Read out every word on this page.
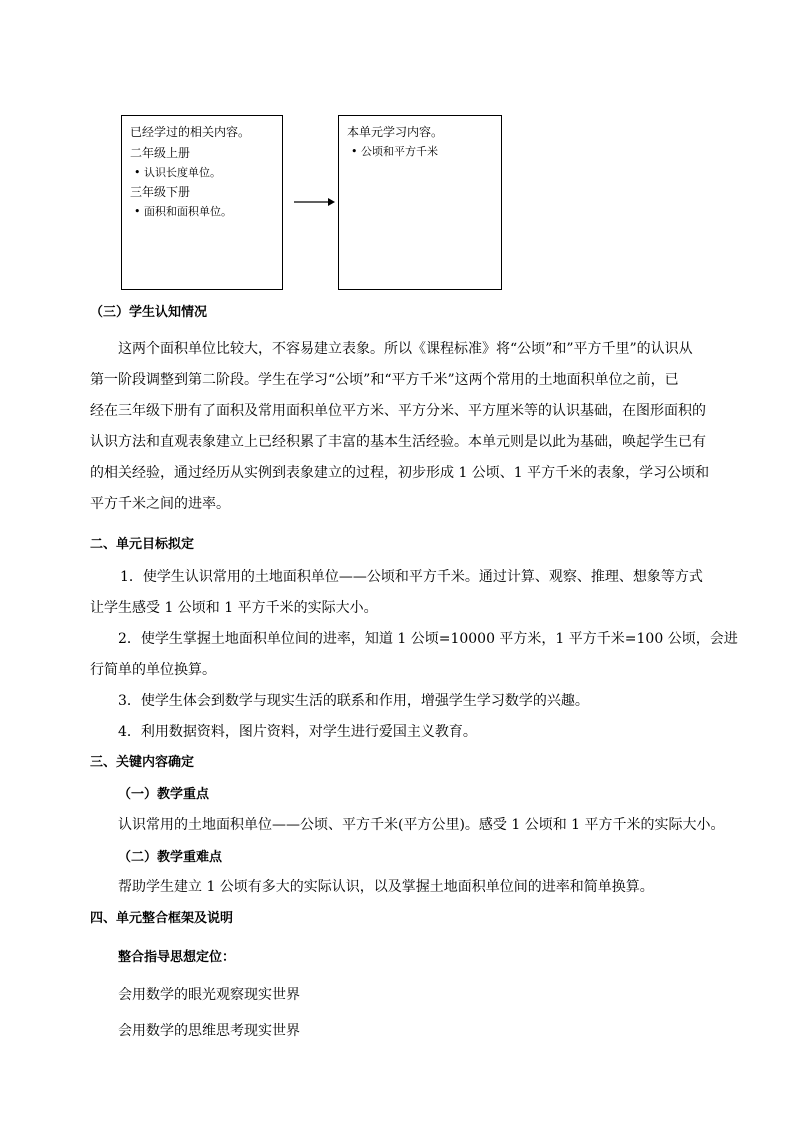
已经学过的相关内容。
二年级上册
• 认识长度单位。
三年级下册
• 面积和面积单位。
本单元学习内容。
• 公顷和平方千米
（三）学生认知情况
这两个面积单位比较大，不容易建立表象。所以《课程标准》将“公顷”和”平方千里”的认识从
第一阶段调整到第二阶段。学生在学习“公顷”和“平方千米”这两个常用的土地面积单位之前，已
经在三年级下册有了面积及常用面积单位平方米、平方分米、平方厘米等的认识基础，在图形面积的
认识方法和直观表象建立上已经积累了丰富的基本生活经验。本单元则是以此为基础，唤起学生已有
的相关经验，通过经历从实例到表象建立的过程，初步形成 1 公顷、1 平方千米的表象，学习公顷和
平方千米之间的进率。
二、单元目标拟定
1．使学生认识常用的土地面积单位——公顷和平方千米。通过计算、观察、推理、想象等方式
让学生感受 1 公顷和 1 平方千米的实际大小。
2．使学生掌握土地面积单位间的进率，知道 1 公顷=10000 平方米，1 平方千米=100 公顷，会进
行简单的单位换算。
3．使学生体会到数学与现实生活的联系和作用，增强学生学习数学的兴趣。
4．利用数据资料，图片资料，对学生进行爱国主义教育。
三、关键内容确定
（一）教学重点
认识常用的土地面积单位——公顷、平方千米(平方公里)。感受 1 公顷和 1 平方千米的实际大小。
（二）教学重难点
帮助学生建立 1 公顷有多大的实际认识，以及掌握土地面积单位间的进率和简单换算。
四、单元整合框架及说明
整合指导思想定位：
会用数学的眼光观察现实世界
会用数学的思维思考现实世界
